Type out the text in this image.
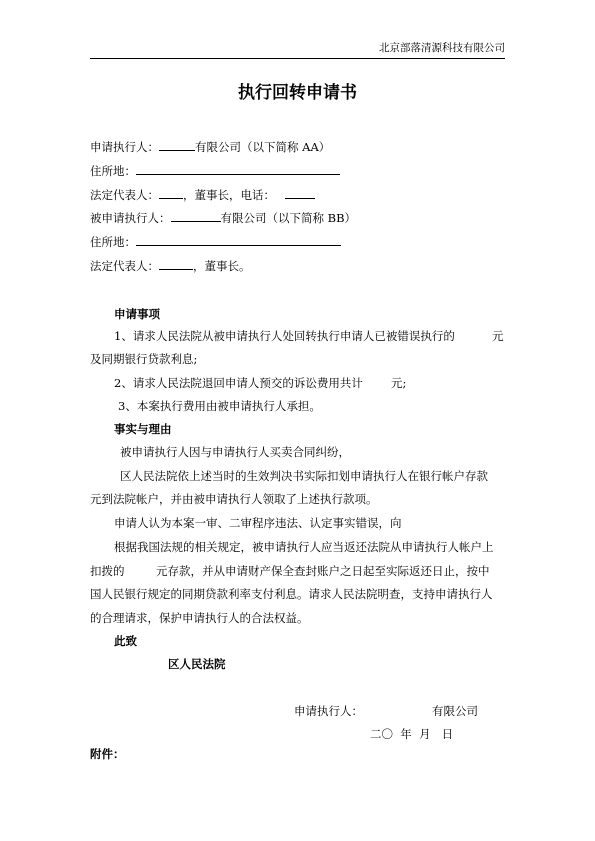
北京部落清源科技有限公司
执行回转申请书
申请执行人：	有限公司（以下简称 AA）
住所地：
法定代表人： ，董事长，电话：
被申请执行人：	有限公司（以下简称 BB）
住所地：
法定代表人：	，董事长。
申请事项
1、请求人民法院从被申请执行人处回转执行申请人已被错误执行的	元
及同期银行贷款利息;
2、请求人民法院退回申请人预交的诉讼费用共计 元;
3、本案执行费用由被申请执行人承担。
事实与理由
被申请执行人因与申请执行人买卖合同纠纷，
区人民法院依上述当时的生效判决书实际扣划申请执行人在银行帐户存款
元到法院帐户，并由被申请执行人领取了上述执行款项。
申请人认为本案一审、二审程序违法、认定事实错误，向
根据我国法规的相关规定，被申请执行人应当返还法院从申请执行人帐户上
扣拨的	元存款，并从申请财产保全查封账户之日起至实际返还日止，按中
国人民银行规定的同期贷款利率支付利息。请求人民法院明查，支持申请执行人
的合理请求，保护申请执行人的合法权益。
此致
区人民法院
申请执行人：	有限公司
二〇  年  月   日
附件：
